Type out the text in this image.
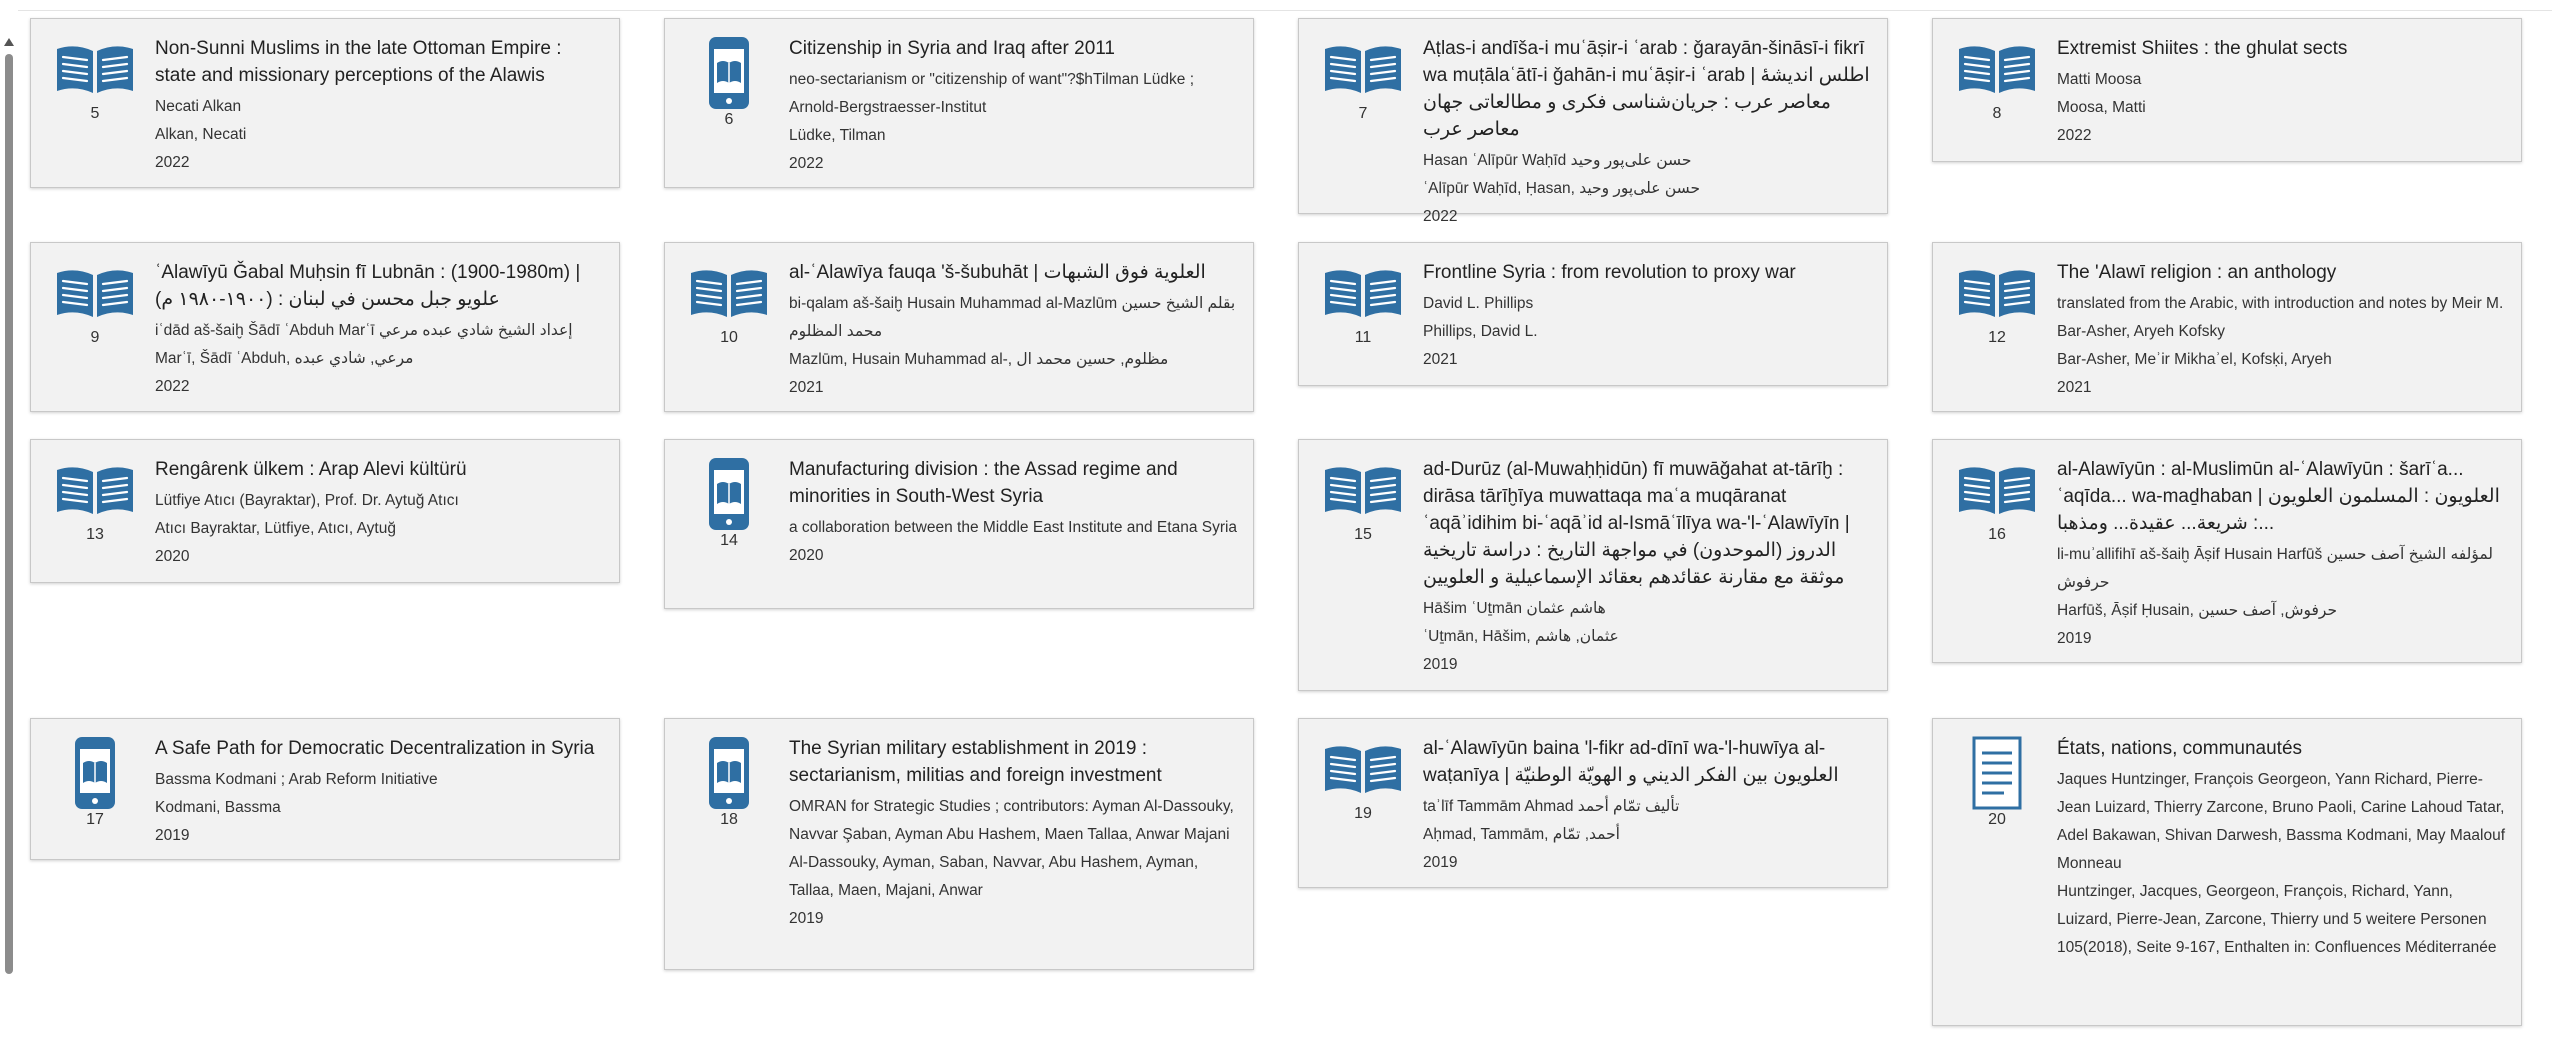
5
Non-Sunni Muslims in the late Ottoman Empire : state and missionary perceptions of the Alawis

Necati Alkan

Alkan, Necati

2022

6
Citizenship in Syria and Iraq after 2011

neo-sectarianism or "citizenship of want"?$hTilman Lüdke ; Arnold-Bergstraesser-Institut

Lüdke, Tilman

2022

7
Aṭlas-i andīša-i muʿāṣir-i ʿarab : ǧarayān-šināsī-i fikrī wa muṭālaʿātī-i ǧahān-i muʿāṣir-i ʿarab | اطلس انديشهٔ معاصر عرب : جريان‌شناسى فكرى و مطالعاتى جهان معاصر عرب

Hasan ʿAlīpūr Waḥīd حسن علی‌پور وحيد

ʿAlīpūr Waḥīd, Ḥasan, حسن علی‌پور وحيد

2022

8
Extremist Shiites : the ghulat sects

Matti Moosa

Moosa, Matti

2022

9
ʿAlawīyū Ǧabal Muḥsin fī Lubnān : (1900-1980m) | علويو جبل محسن في لبنان : (١٩٠٠-١٩٨٠ م)

iʿdād aš-šaiḫ Šādī ʿAbduh Marʿī إعداد الشيخ شادي عبده مرعي

Marʿī, Šādī ʿAbduh, مرعي, شادي عبده

2022

10
al-ʿAlawīya fauqa 'š-šubuhāt | العلوية فوق الشبهات

bi-qalam aš-šaiḫ Husain Muhammad al-Mazlūm بقلم الشيخ حسين محمد المظلوم

Mazlūm, Husain Muhammad al-, مظلوم, حسين محمد ال

2021

11
Frontline Syria : from revolution to proxy war

David L. Phillips

Phillips, David L.

2021

12
The 'Alawī religion : an anthology

translated from the Arabic, with introduction and notes by Meir M. Bar-Asher, Aryeh Kofsky

Bar-Asher, Meʾir Mikhaʾel, Kofsḳi, Aryeh

2021

13
Rengârenk ülkem : Arap Alevi kültürü

Lütfiye Atıcı (Bayraktar), Prof. Dr. Aytuğ Atıcı

Atıcı Bayraktar, Lütfiye, Atıcı, Aytuğ

2020

14
Manufacturing division : the Assad regime and minorities in South-West Syria

a collaboration between the Middle East Institute and Etana Syria

2020

15
ad-Durūz (al-Muwaḥḥidūn) fī muwāǧahat at-tārīḫ : dirāsa tārīḫīya muwattaqa maʿa muqāranat ʿaqāʾidihim bi-ʿaqāʾid al-Ismāʿīlīya wa-'l-ʿAlawīyīn | الدروز (الموحدون) في مواجهة التاريخ : دراسة تاريخية موثقة مع مقارنة عقائدهم بعقائد الإسماعيلية و العلويين

Hāšim ʿUṯmān هاشم عثمان

ʿUṯmān, Hāšim, عثمان, هاشم

2019

16
al-Alawīyūn : al-Muslimūn al-ʿAlawīyūn : šarīʿa... ʿaqīda... wa-maḏhaban | العلويون : المسلمون العلويون : شريعة... عقيدة... ومذهبا...

li-muʾallifihī aš-šaiḫ Āṣif Husain Harfūš لمؤلفه الشيخ آصف حسين حرفوش

Harfūš, Āṣif Ḥusain, حرفوش, آصف حسين

2019

17
A Safe Path for Democratic Decentralization in Syria

Bassma Kodmani ; Arab Reform Initiative

Kodmani, Bassma

2019

18
The Syrian military establishment in 2019 : sectarianism, militias and foreign investment

OMRAN for Strategic Studies ; contributors: Ayman Al-Dassouky, Navvar Şaban, Ayman Abu Hashem, Maen Tallaa, Anwar Majani

Al-Dassouky, Ayman, Saban, Navvar, Abu Hashem, Ayman, Tallaa, Maen, Majani, Anwar

2019

19
al-ʿAlawīyūn baina 'l-fikr ad-dīnī wa-'l-huwīya al-waṭanīya | العلويون بين الفكر الديني و الهويّة الوطنيّة

taʾlīf Tammām Ahmad تأليف تمّام أحمد

Aḥmad, Tammām, أحمد, تمّام

2019

20
États, nations, communautés

Jaques Huntzinger, François Georgeon, Yann Richard, Pierre-Jean Luizard, Thierry Zarcone, Bruno Paoli, Carine Lahoud Tatar, Adel Bakawan, Shivan Darwesh, Bassma Kodmani, May Maalouf Monneau

Huntzinger, Jacques, Georgeon, François, Richard, Yann, Luizard, Pierre-Jean, Zarcone, Thierry und 5 weitere Personen

105(2018), Seite 9-167, Enthalten in: Confluences Méditerranée
